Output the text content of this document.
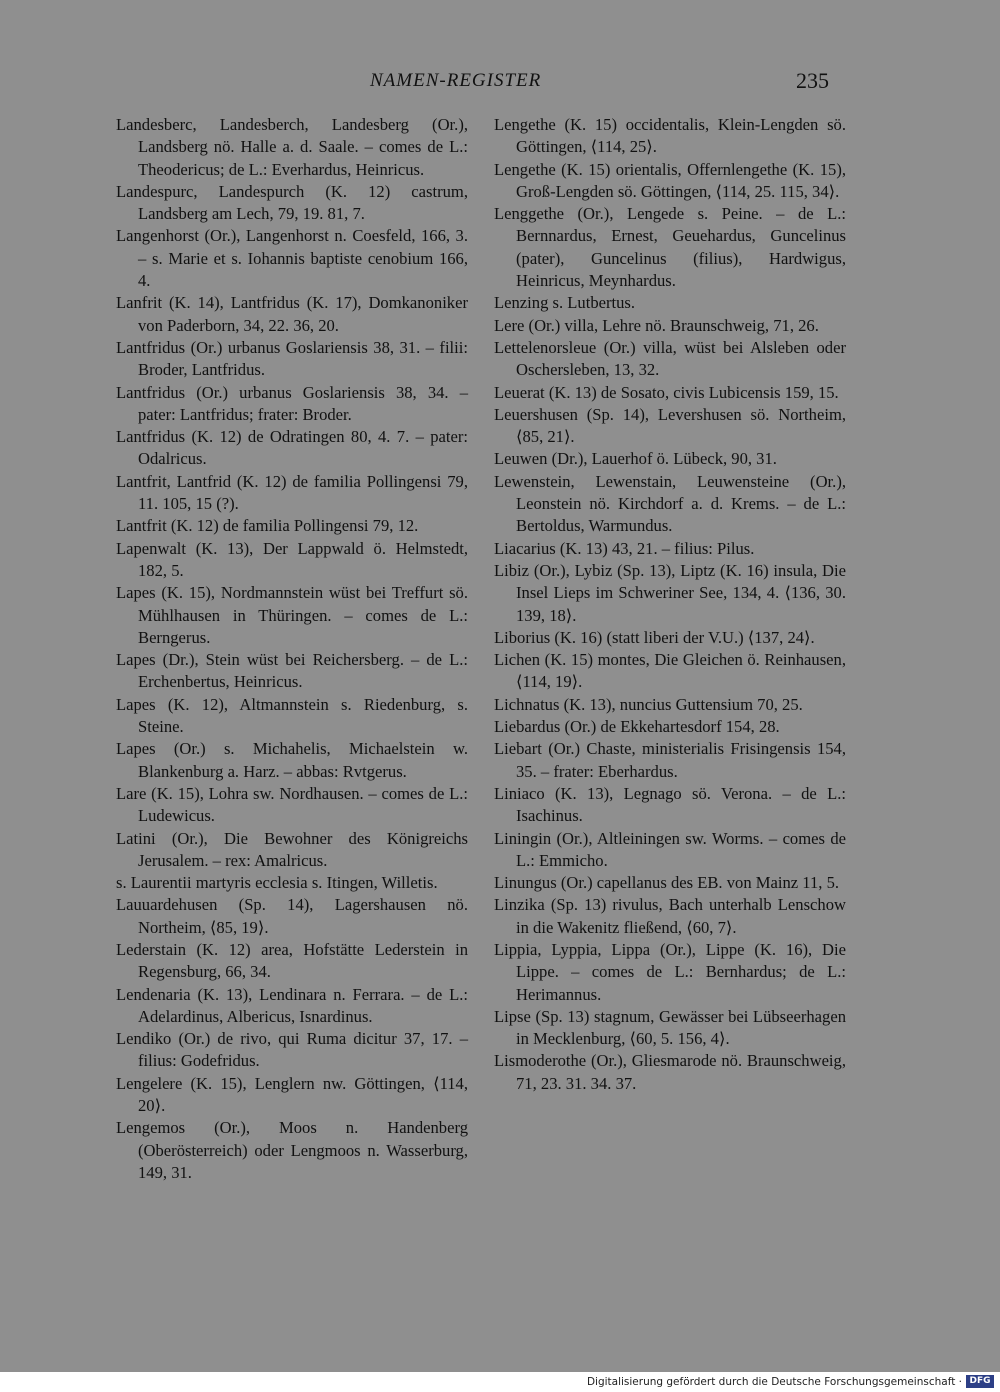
NAMEN-REGISTER	235

Landesberc, Landesberch, Landesberg (Or.), Landsberg nö. Halle a. d. Saale. – comes de L.: Theodericus; de L.: Everhardus, Heinricus.

Landespurc, Landespurch (K. 12) castrum, Landsberg am Lech, 79, 19. 81, 7.

Langenhorst (Or.), Langenhorst n. Coesfeld, 166, 3. – s. Marie et s. Iohannis baptiste cenobium 166, 4.

Lanfrit (K. 14), Lantfridus (K. 17), Domkanoniker von Paderborn, 34, 22. 36, 20.

Lantfridus (Or.) urbanus Goslariensis 38, 31. – filii: Broder, Lantfridus.

Lantfridus (Or.) urbanus Goslariensis 38, 34. – pater: Lantfridus; frater: Broder.

Lantfridus (K. 12) de Odratingen 80, 4. 7. – pater: Odalricus.

Lantfrit, Lantfrid (K. 12) de familia Pollingensi 79, 11. 105, 15 (?).

Lantfrit (K. 12) de familia Pollingensi 79, 12.

Lapenwalt (K. 13), Der Lappwald ö. Helmstedt, 182, 5.

Lapes (K. 15), Nordmannstein wüst bei Treffurt sö. Mühlhausen in Thüringen. – comes de L.: Berngerus.

Lapes (Dr.), Stein wüst bei Reichersberg. – de L.: Erchenbertus, Heinricus.

Lapes (K. 12), Altmannstein s. Riedenburg, s. Steine.

Lapes (Or.) s. Michahelis, Michaelstein w. Blankenburg a. Harz. – abbas: Rvtgerus.

Lare (K. 15), Lohra sw. Nordhausen. – comes de L.: Ludewicus.

Latini (Or.), Die Bewohner des Königreichs Jerusalem. – rex: Amalricus.

s. Laurentii martyris ecclesia s. Itingen, Willetis.

Lauuardehusen (Sp. 14), Lagershausen nö. Northeim, ⟨85, 19⟩.

Lederstain (K. 12) area, Hofstätte Lederstein in Regensburg, 66, 34.

Lendenaria (K. 13), Lendinara n. Ferrara. – de L.: Adelardinus, Albericus, Isnardinus.

Lendiko (Or.) de rivo, qui Ruma dicitur 37, 17. – filius: Godefridus.

Lengelere (K. 15), Lenglern nw. Göttingen, ⟨114, 20⟩.

Lengemos (Or.), Moos n. Handenberg (Oberösterreich) oder Lengmoos n. Wasserburg, 149, 31.

Lengethe (K. 15) occidentalis, Klein-Lengden sö. Göttingen, ⟨114, 25⟩.

Lengethe (K. 15) orientalis, Offernlengethe (K. 15), Groß-Lengden sö. Göttingen, ⟨114, 25. 115, 34⟩.

Lenggethe (Or.), Lengede s. Peine. – de L.: Bernnardus, Ernest, Geuehardus, Guncelinus (pater), Guncelinus (filius), Hardwigus, Heinricus, Meynhardus.

Lenzing s. Lutbertus.

Lere (Or.) villa, Lehre nö. Braunschweig, 71, 26.

Lettelenorsleue (Or.) villa, wüst bei Alsleben oder Oschersleben, 13, 32.

Leuerat (K. 13) de Sosato, civis Lubicensis 159, 15.

Leuershusen (Sp. 14), Levershusen sö. Northeim, ⟨85, 21⟩.

Leuwen (Dr.), Lauerhof ö. Lübeck, 90, 31.

Lewenstein, Lewenstain, Leuwensteine (Or.), Leonstein nö. Kirchdorf a. d. Krems. – de L.: Bertoldus, Warmundus.

Liacarius (K. 13) 43, 21. – filius: Pilus.

Libiz (Or.), Lybiz (Sp. 13), Liptz (K. 16) insula, Die Insel Lieps im Schweriner See, 134, 4. ⟨136, 30. 139, 18⟩.

Liborius (K. 16) (statt liberi der V.U.) ⟨137, 24⟩.

Lichen (K. 15) montes, Die Gleichen ö. Reinhausen, ⟨114, 19⟩.

Lichnatus (K. 13), nuncius Guttensium 70, 25.

Liebardus (Or.) de Ekkehartesdorf 154, 28.

Liebart (Or.) Chaste, ministerialis Frisingensis 154, 35. – frater: Eberhardus.

Liniaco (K. 13), Legnago sö. Verona. – de L.: Isachinus.

Liningin (Or.), Altleiningen sw. Worms. – comes de L.: Emmicho.

Linungus (Or.) capellanus des EB. von Mainz 11, 5.

Linzika (Sp. 13) rivulus, Bach unterhalb Lenschow in die Wakenitz fließend, ⟨60, 7⟩.

Lippia, Lyppia, Lippa (Or.), Lippe (K. 16), Die Lippe. – comes de L.: Bernhardus; de L.: Herimannus.

Lipse (Sp. 13) stagnum, Gewässer bei Lübseerhagen in Mecklenburg, ⟨60, 5. 156, 4⟩.

Lismoderothe (Or.), Gliesmarode nö. Braunschweig, 71, 23. 31. 34. 37.

Digitalisierung gefördert durch die Deutsche Forschungsgemeinschaft · DFG
